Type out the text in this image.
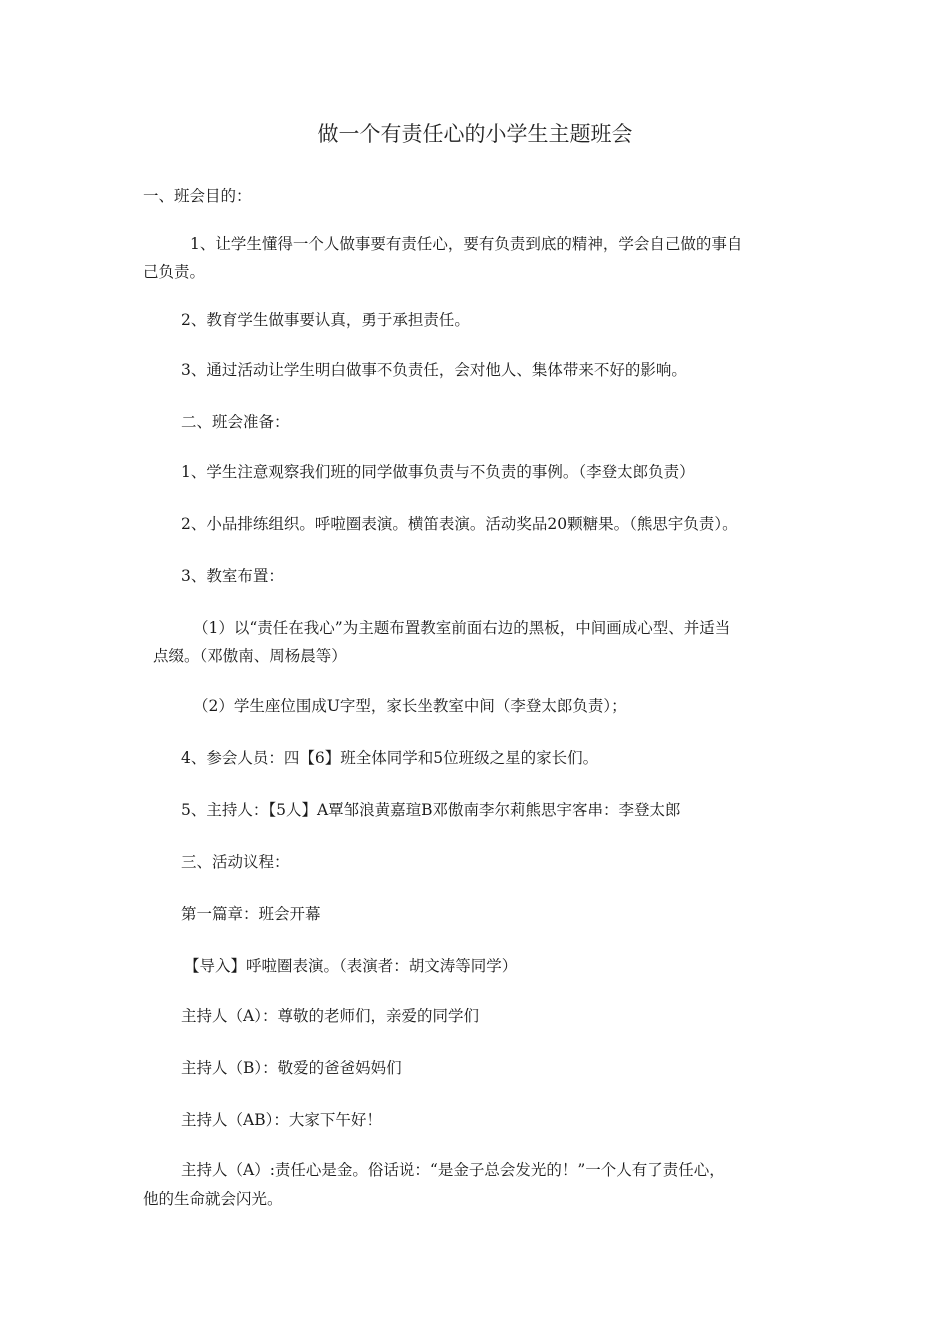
做一个有责任心的小学生主题班会

一、班会目的：

1、让学生懂得一个人做事要有责任心，要有负责到底的精神，学会自己做的事自

己负责。

2、教育学生做事要认真，勇于承担责任。

3、通过活动让学生明白做事不负责任，会对他人、集体带来不好的影响。

二、班会准备：

1、学生注意观察我们班的同学做事负责与不负责的事例。（李登太郎负责）

2、小品排练组织。呼啦圈表演。横笛表演。活动奖品20颗糖果。（熊思宇负责）。

3、教室布置：

（1）以“责任在我心”为主题布置教室前面右边的黑板，中间画成心型、并适当

点缀。（邓傲南、周杨晨等）

（2）学生座位围成U字型，家长坐教室中间（李登太郎负责）；

4、参会人员：四【6】班全体同学和5位班级之星的家长们。

5、主持人：【5人】A覃邹浪黄嘉瑄B邓傲南李尔莉熊思宇客串：李登太郎

三、活动议程：

第一篇章：班会开幕

【导入】呼啦圈表演。（表演者：胡文涛等同学）

主持人（A）：尊敬的老师们，亲爱的同学们

主持人（B）：敬爱的爸爸妈妈们

主持人（AB）：大家下午好！

主持人（A）:责任心是金。俗话说：“是金子总会发光的！”一个人有了责任心，

他的生命就会闪光。
